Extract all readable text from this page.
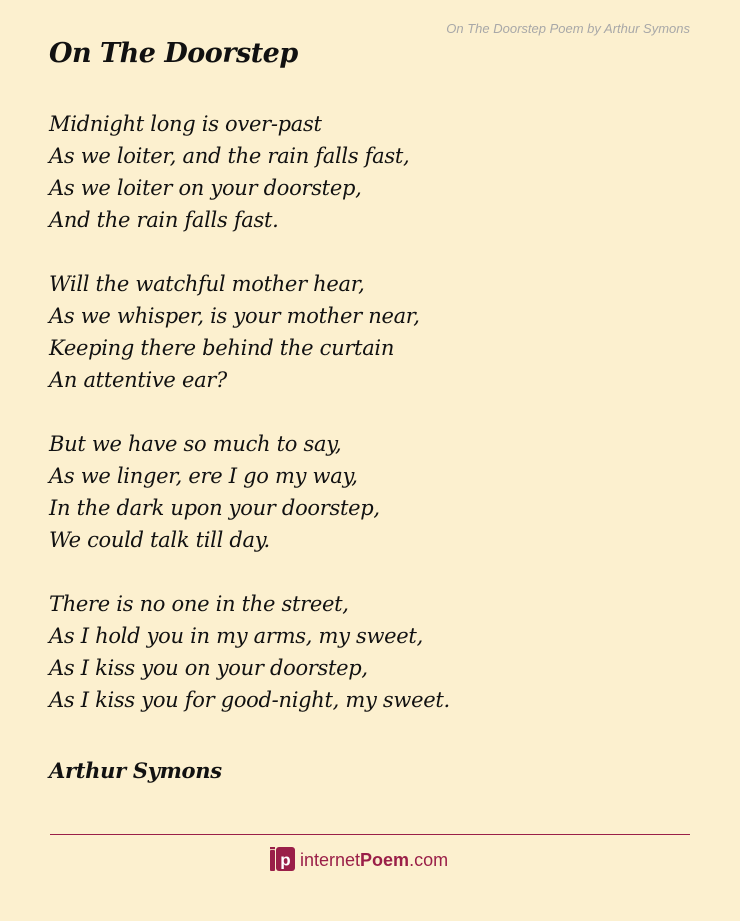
On The Doorstep Poem by Arthur Symons
On The Doorstep
Midnight long is over-past
As we loiter, and the rain falls fast,
As we loiter on your doorstep,
And the rain falls fast.
Will the watchful mother hear,
As we whisper, is your mother near,
Keeping there behind the curtain
An attentive ear?
But we have so much to say,
As we linger, ere I go my way,
In the dark upon your doorstep,
We could talk till day.
There is no one in the street,
As I hold you in my arms, my sweet,
As I kiss you on your doorstep,
As I kiss you for good-night, my sweet.
Arthur Symons
p internetPoem.com
